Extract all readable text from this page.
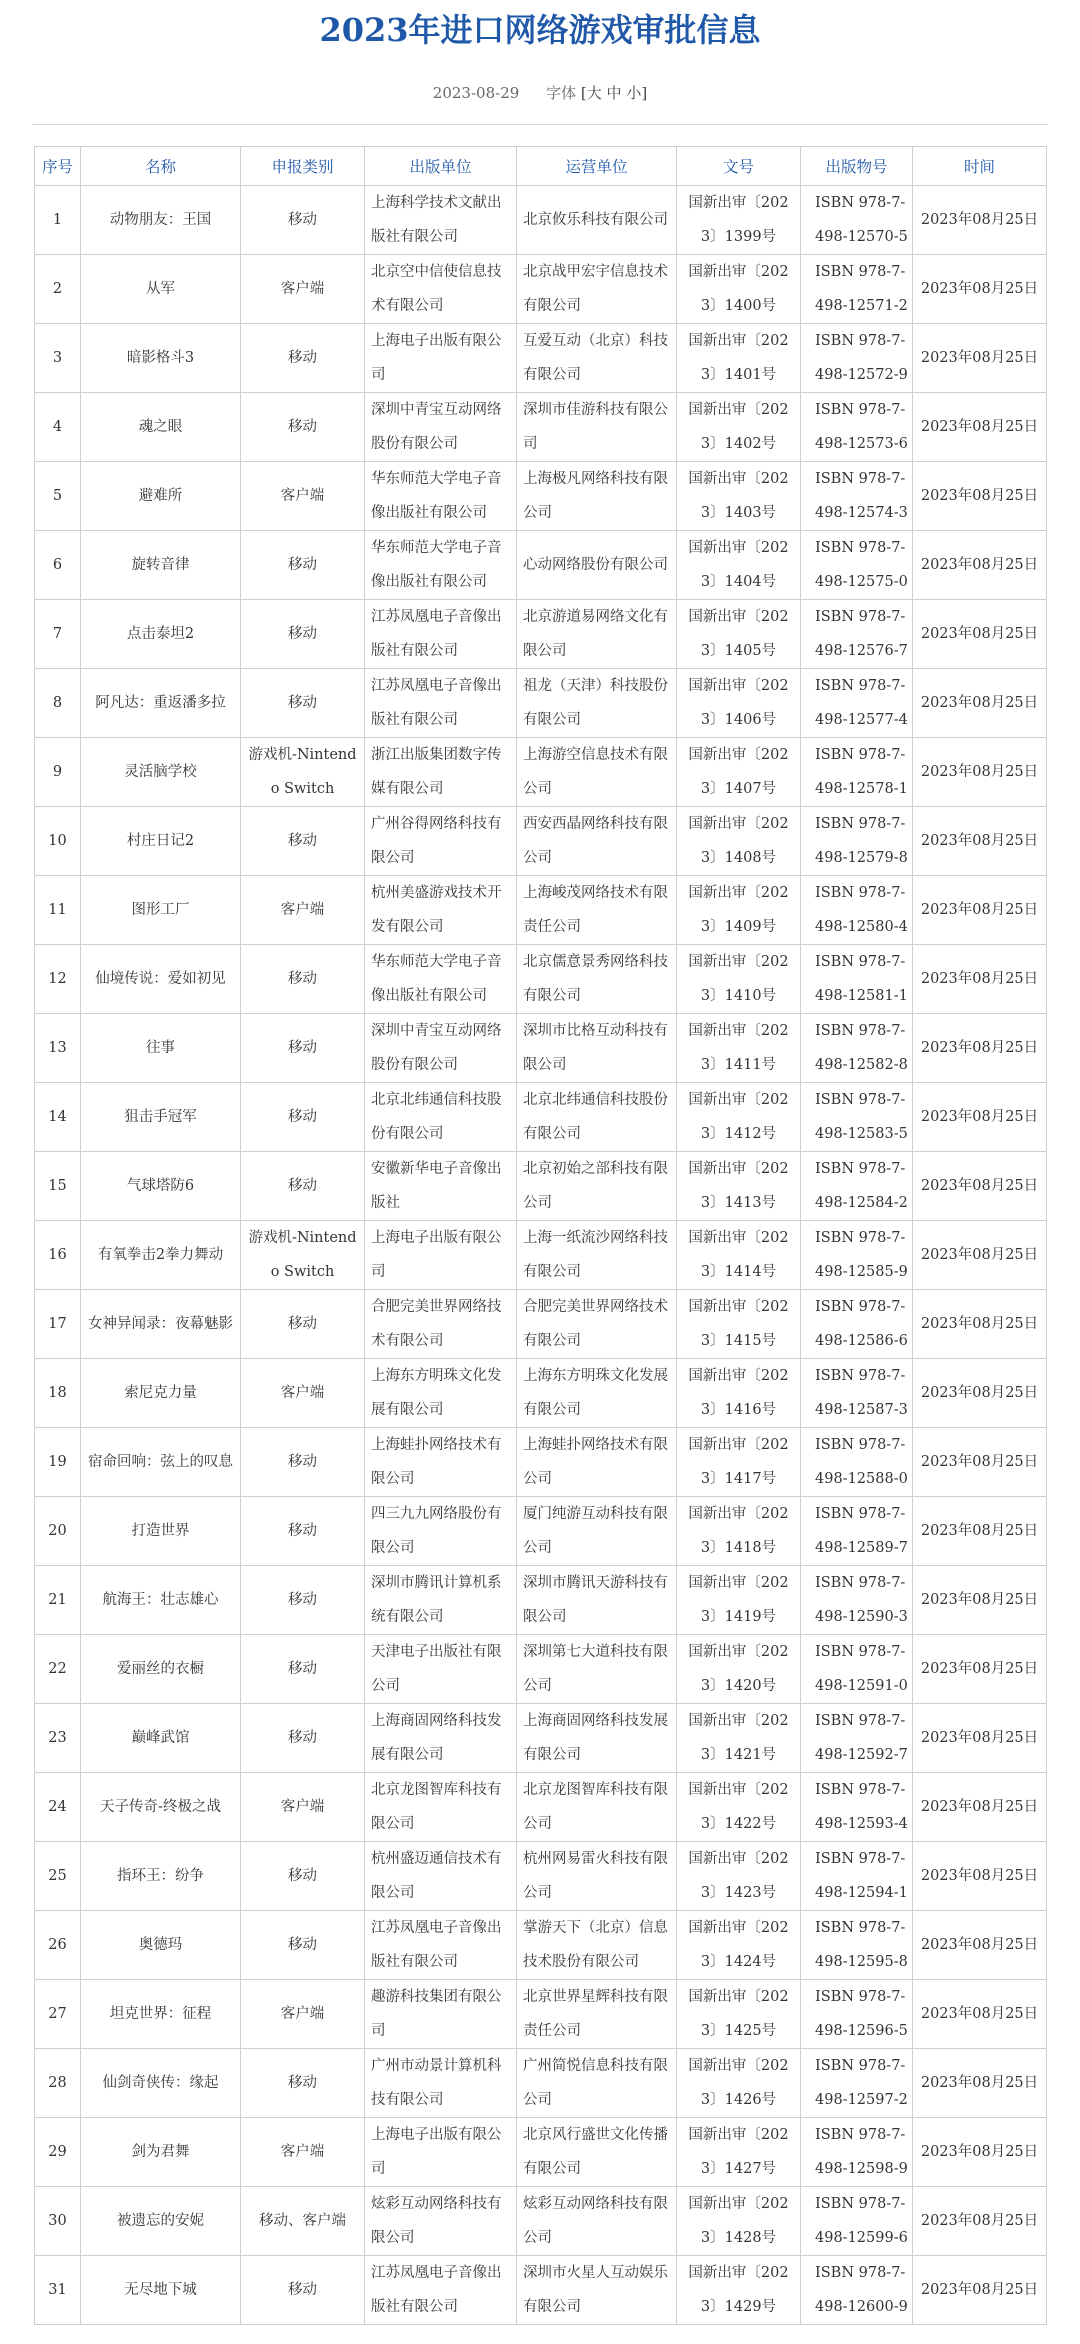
2023年进口网络游戏审批信息
2023-08-29 字体 [大 中 小]
序号	名称	申报类别	出版单位	运营单位	文号	出版物号	时间
1	动物朋友：王国	移动	上海科学技术文献出版社有限公司	北京攸乐科技有限公司	国新出审〔2023〕1399号	ISBN 978-7-498-12570-5	2023年08月25日
2	从军	客户端	北京空中信使信息技术有限公司	北京战甲宏宇信息技术有限公司	国新出审〔2023〕1400号	ISBN 978-7-498-12571-2	2023年08月25日
3	暗影格斗3	移动	上海电子出版有限公司	互爱互动（北京）科技有限公司	国新出审〔2023〕1401号	ISBN 978-7-498-12572-9	2023年08月25日
4	魂之眼	移动	深圳中青宝互动网络股份有限公司	深圳市佳游科技有限公司	国新出审〔2023〕1402号	ISBN 978-7-498-12573-6	2023年08月25日
5	避难所	客户端	华东师范大学电子音像出版社有限公司	上海极凡网络科技有限公司	国新出审〔2023〕1403号	ISBN 978-7-498-12574-3	2023年08月25日
6	旋转音律	移动	华东师范大学电子音像出版社有限公司	心动网络股份有限公司	国新出审〔2023〕1404号	ISBN 978-7-498-12575-0	2023年08月25日
7	点击泰坦2	移动	江苏凤凰电子音像出版社有限公司	北京游道易网络文化有限公司	国新出审〔2023〕1405号	ISBN 978-7-498-12576-7	2023年08月25日
8	阿凡达：重返潘多拉	移动	江苏凤凰电子音像出版社有限公司	祖龙（天津）科技股份有限公司	国新出审〔2023〕1406号	ISBN 978-7-498-12577-4	2023年08月25日
9	灵活脑学校	游戏机-Nintendo Switch	浙江出版集团数字传媒有限公司	上海游空信息技术有限公司	国新出审〔2023〕1407号	ISBN 978-7-498-12578-1	2023年08月25日
10	村庄日记2	移动	广州谷得网络科技有限公司	西安西晶网络科技有限公司	国新出审〔2023〕1408号	ISBN 978-7-498-12579-8	2023年08月25日
11	图形工厂	客户端	杭州美盛游戏技术开发有限公司	上海峻茂网络技术有限责任公司	国新出审〔2023〕1409号	ISBN 978-7-498-12580-4	2023年08月25日
12	仙境传说：爱如初见	移动	华东师范大学电子音像出版社有限公司	北京儒意景秀网络科技有限公司	国新出审〔2023〕1410号	ISBN 978-7-498-12581-1	2023年08月25日
13	往事	移动	深圳中青宝互动网络股份有限公司	深圳市比格互动科技有限公司	国新出审〔2023〕1411号	ISBN 978-7-498-12582-8	2023年08月25日
14	狙击手冠军	移动	北京北纬通信科技股份有限公司	北京北纬通信科技股份有限公司	国新出审〔2023〕1412号	ISBN 978-7-498-12583-5	2023年08月25日
15	气球塔防6	移动	安徽新华电子音像出版社	北京初始之部科技有限公司	国新出审〔2023〕1413号	ISBN 978-7-498-12584-2	2023年08月25日
16	有氧拳击2拳力舞动	游戏机-Nintendo Switch	上海电子出版有限公司	上海一纸流沙网络科技有限公司	国新出审〔2023〕1414号	ISBN 978-7-498-12585-9	2023年08月25日
17	女神异闻录：夜幕魅影	移动	合肥完美世界网络技术有限公司	合肥完美世界网络技术有限公司	国新出审〔2023〕1415号	ISBN 978-7-498-12586-6	2023年08月25日
18	索尼克力量	客户端	上海东方明珠文化发展有限公司	上海东方明珠文化发展有限公司	国新出审〔2023〕1416号	ISBN 978-7-498-12587-3	2023年08月25日
19	宿命回响：弦上的叹息	移动	上海蛙扑网络技术有限公司	上海蛙扑网络技术有限公司	国新出审〔2023〕1417号	ISBN 978-7-498-12588-0	2023年08月25日
20	打造世界	移动	四三九九网络股份有限公司	厦门纯游互动科技有限公司	国新出审〔2023〕1418号	ISBN 978-7-498-12589-7	2023年08月25日
21	航海王：壮志雄心	移动	深圳市腾讯计算机系统有限公司	深圳市腾讯天游科技有限公司	国新出审〔2023〕1419号	ISBN 978-7-498-12590-3	2023年08月25日
22	爱丽丝的衣橱	移动	天津电子出版社有限公司	深圳第七大道科技有限公司	国新出审〔2023〕1420号	ISBN 978-7-498-12591-0	2023年08月25日
23	巅峰武馆	移动	上海商固网络科技发展有限公司	上海商固网络科技发展有限公司	国新出审〔2023〕1421号	ISBN 978-7-498-12592-7	2023年08月25日
24	天子传奇-终极之战	客户端	北京龙图智库科技有限公司	北京龙图智库科技有限公司	国新出审〔2023〕1422号	ISBN 978-7-498-12593-4	2023年08月25日
25	指环王：纷争	移动	杭州盛迈通信技术有限公司	杭州网易雷火科技有限公司	国新出审〔2023〕1423号	ISBN 978-7-498-12594-1	2023年08月25日
26	奥德玛	移动	江苏凤凰电子音像出版社有限公司	掌游天下（北京）信息技术股份有限公司	国新出审〔2023〕1424号	ISBN 978-7-498-12595-8	2023年08月25日
27	坦克世界：征程	客户端	趣游科技集团有限公司	北京世界星辉科技有限责任公司	国新出审〔2023〕1425号	ISBN 978-7-498-12596-5	2023年08月25日
28	仙剑奇侠传：缘起	移动	广州市动景计算机科技有限公司	广州简悦信息科技有限公司	国新出审〔2023〕1426号	ISBN 978-7-498-12597-2	2023年08月25日
29	剑为君舞	客户端	上海电子出版有限公司	北京风行盛世文化传播有限公司	国新出审〔2023〕1427号	ISBN 978-7-498-12598-9	2023年08月25日
30	被遗忘的安妮	移动、客户端	炫彩互动网络科技有限公司	炫彩互动网络科技有限公司	国新出审〔2023〕1428号	ISBN 978-7-498-12599-6	2023年08月25日
31	无尽地下城	移动	江苏凤凰电子音像出版社有限公司	深圳市火星人互动娱乐有限公司	国新出审〔2023〕1429号	ISBN 978-7-498-12600-9	2023年08月25日
